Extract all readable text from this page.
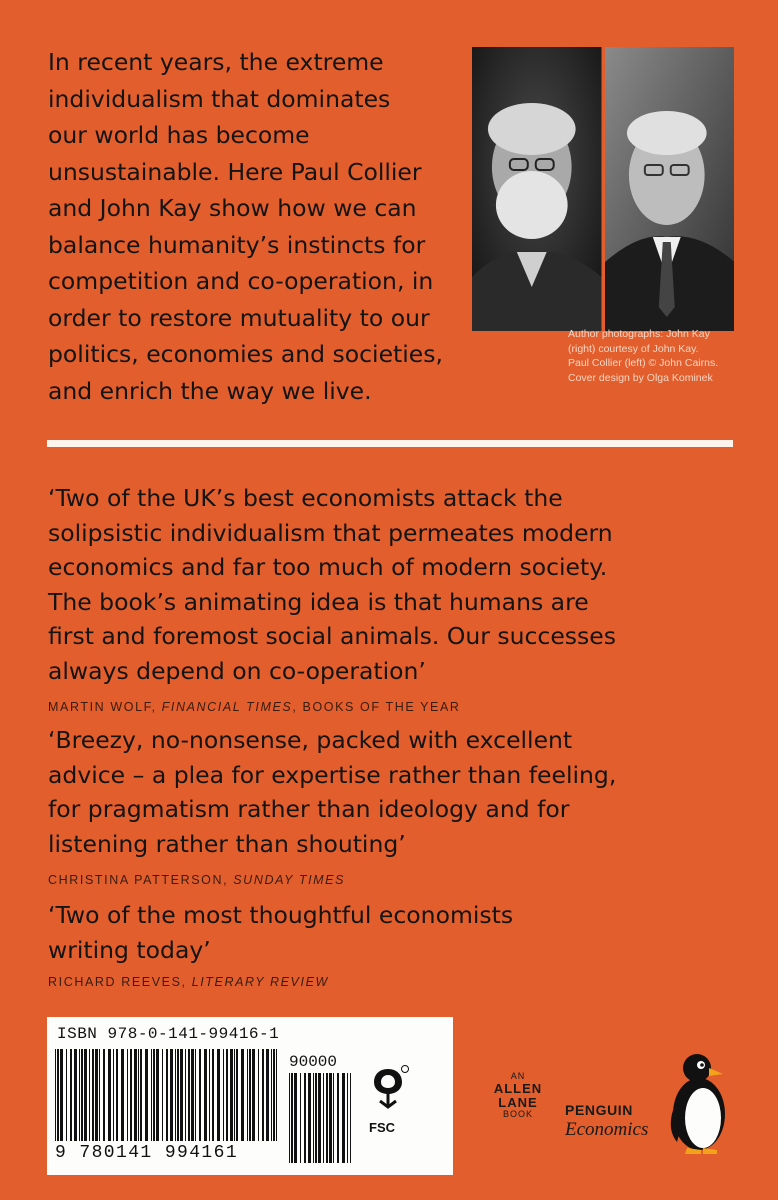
In recent years, the extreme
individualism that dominates
our world has become
unsustainable. Here Paul Collier
and John Kay show how we can
balance humanity’s instincts for
competition and co-operation, in
order to restore mutuality to our
politics, economies and societies,
and enrich the way we live.

Author photographs: John Kay
(right) courtesy of John Kay.
Paul Collier (left) © John Cairns.
Cover design by Olga Kominek

‘Two of the UK’s best economists attack the
solipsistic individualism that permeates modern
economics and far too much of modern society.
The book’s animating idea is that humans are
first and foremost social animals. Our successes
always depend on co-operation’

MARTIN WOLF, FINANCIAL TIMES, BOOKS OF THE YEAR

‘Breezy, no-nonsense, packed with excellent
advice – a plea for expertise rather than feeling,
for pragmatism rather than ideology and for
listening rather than shouting’

CHRISTINA PATTERSON, SUNDAY TIMES

‘Two of the most thoughtful economists
writing today’

RICHARD REEVES, LITERARY REVIEW

ISBN 978-0-141-99416-1
90000
FSC
9 780141 994161
AN
ALLEN
LANE
BOOK	PENGUIN
Economics
